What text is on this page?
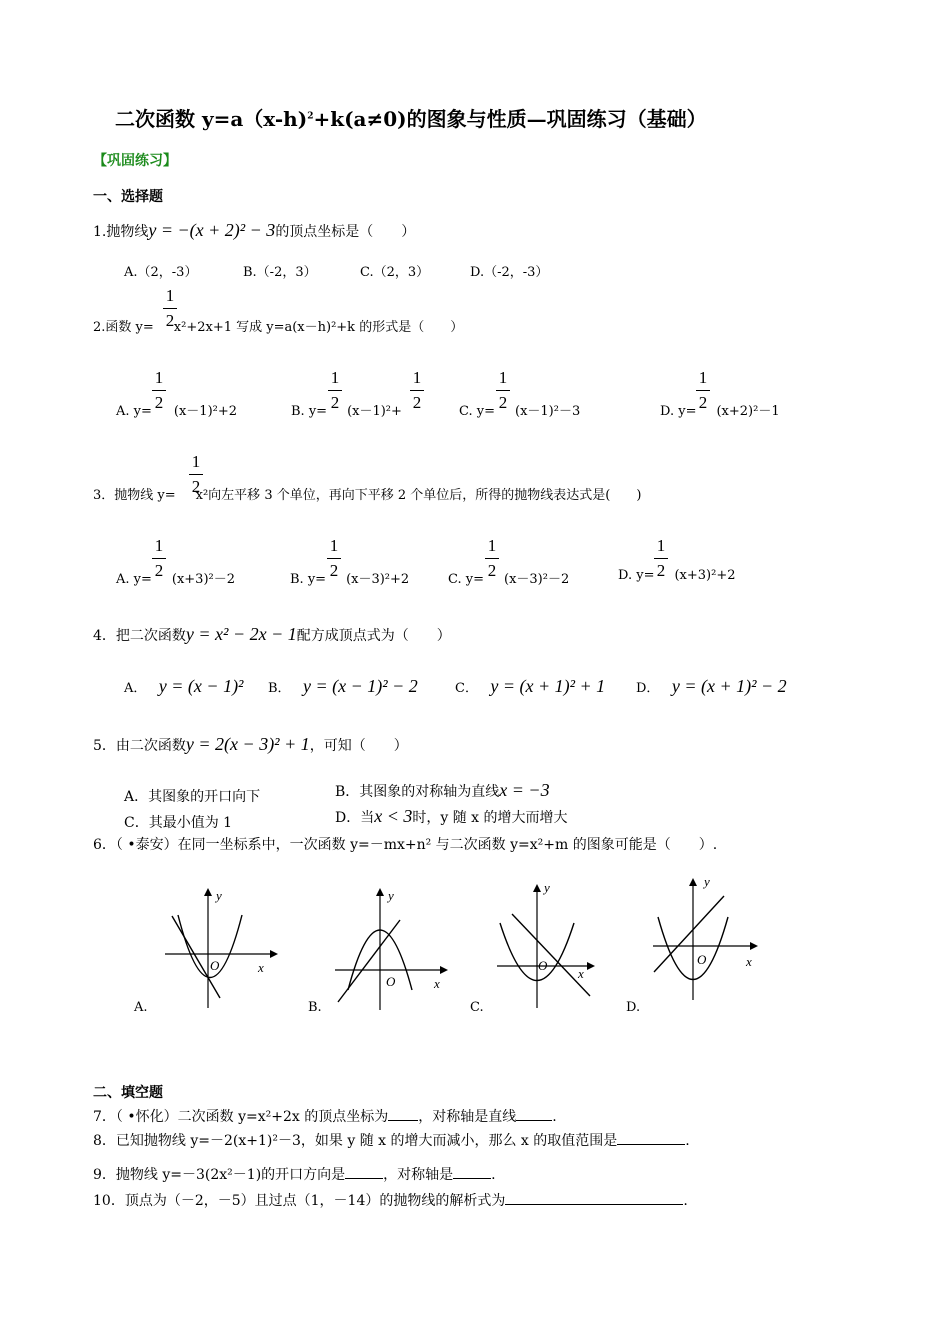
二次函数 y=a（x-h)$^2$+k(a≠0)的图象与性质—巩固练习（基础）
【巩固练习】
一、选择题
1.抛物线y = −(x + 2)² − 3的顶点坐标是（　　）
A.（2，-3）	B.（-2，3）	C.（2，3）	D.（-2，-3）
1
2
2.函数 y= x²+2x+1 写成 y=a(x－h)²+k 的形式是（　　）
1
2
A. y= (x－1)²+2
1
2
1
2
B. y= (x－1)²+
1
2
C. y= (x－1)²－3
1
2
D. y= (x+2)²－1
1
2
3．抛物线 y= x²向左平移 3 个单位，再向下平移 2 个单位后，所得的抛物线表达式是(　　)
1
2
A. y= (x+3)²－2
1
2
B. y= (x－3)²+2
1
2
C. y= (x－3)²－2
1
2
D. y= (x+3)²+2
4．把二次函数y = x² − 2x − 1配方成顶点式为（　　）
A． y = (x − 1)² B． y = (x − 1)² − 2	C． y = (x + 1)² + 1 D． y = (x + 1)² − 2
5．由二次函数y = 2(x − 3)² + 1，可知（　　）
A．其图象的开口向下	B．其图象的对称轴为直线x = −3
C．其最小值为 1	D．当x < 3时，y 随 x 的增大而增大
6．（ •泰安）在同一坐标系中，一次函数 y=－mx+n² 与二次函数 y=x²+m 的图象可能是（　　）.
y
x
O
A.
y
x
O
B.
y
x
O
C.
y
x
O
D.
二、填空题
7．（ •怀化）二次函数 y=x²+2x 的顶点坐标为 ，对称轴是直线	.
8．已知抛物线 y=－2(x+1)²－3，如果 y 随 x 的增大而减小，那么 x 的取值范围是	.
9．抛物线 y=－3(2x²－1)的开口方向是	，对称轴是	.
10．顶点为（－2，－5）且过点（1，－14）的抛物线的解析式为	.
